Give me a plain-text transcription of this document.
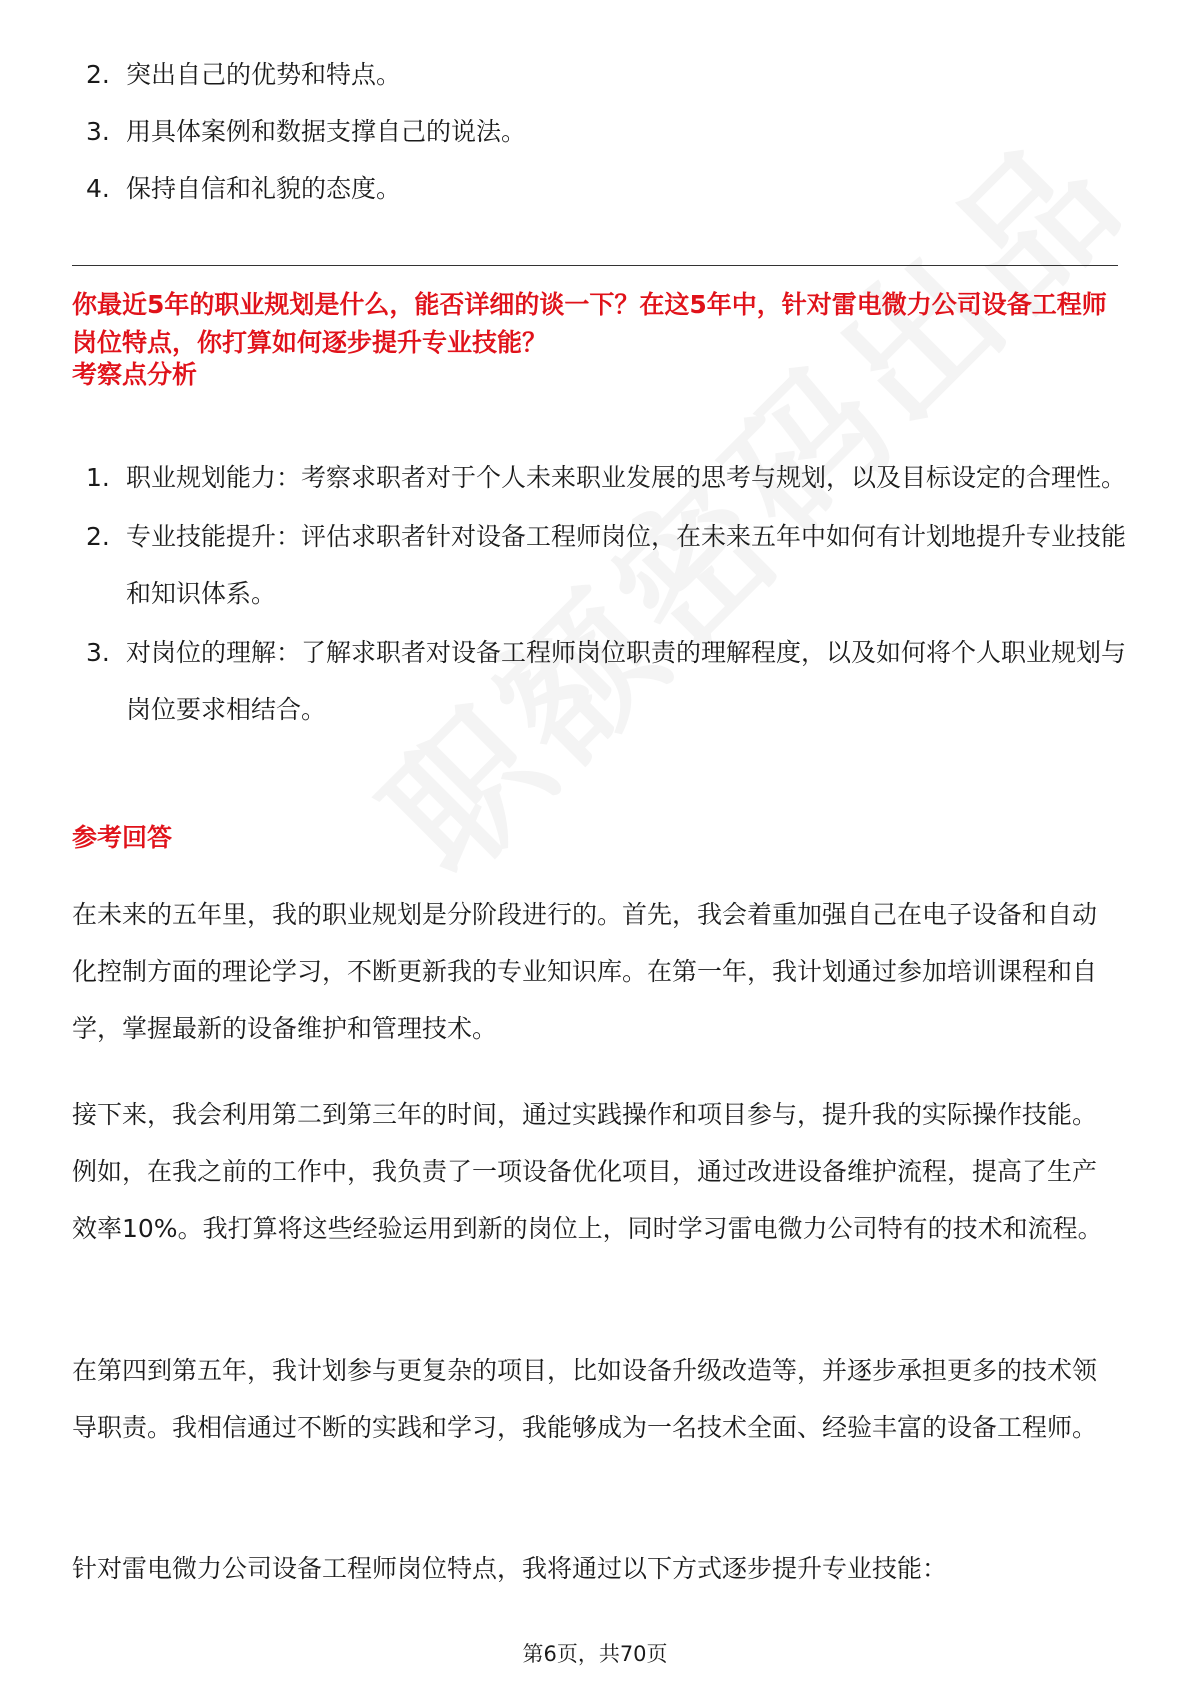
2. 突出自己的优势和特点。
3. 用具体案例和数据支撑自己的说法。
4. 保持自信和礼貌的态度。
你最近5年的职业规划是什么，能否详细的谈一下？在这5年中，针对雷电微力公司设备工程师岗位特点，你打算如何逐步提升专业技能？
考察点分析
1. 职业规划能力：考察求职者对于个人未来职业发展的思考与规划，以及目标设定的合理性。
2. 专业技能提升：评估求职者针对设备工程师岗位，在未来五年中如何有计划地提升专业技能和知识体系。
3. 对岗位的理解：了解求职者对设备工程师岗位职责的理解程度，以及如何将个人职业规划与岗位要求相结合。
参考回答

在未来的五年里，我的职业规划是分阶段进行的。首先，我会着重加强自己在电子设备和自动化控制方面的理论学习，不断更新我的专业知识库。在第一年，我计划通过参加培训课程和自学，掌握最新的设备维护和管理技术。

接下来，我会利用第二到第三年的时间，通过实践操作和项目参与，提升我的实际操作技能。例如，在我之前的工作中，我负责了一项设备优化项目，通过改进设备维护流程，提高了生产效率10%。我打算将这些经验运用到新的岗位上，同时学习雷电微力公司特有的技术和流程。

在第四到第五年，我计划参与更复杂的项目，比如设备升级改造等，并逐步承担更多的技术领导职责。我相信通过不断的实践和学习，我能够成为一名技术全面、经验丰富的设备工程师。

针对雷电微力公司设备工程师岗位特点，我将通过以下方式逐步提升专业技能：

第6页，共70页
